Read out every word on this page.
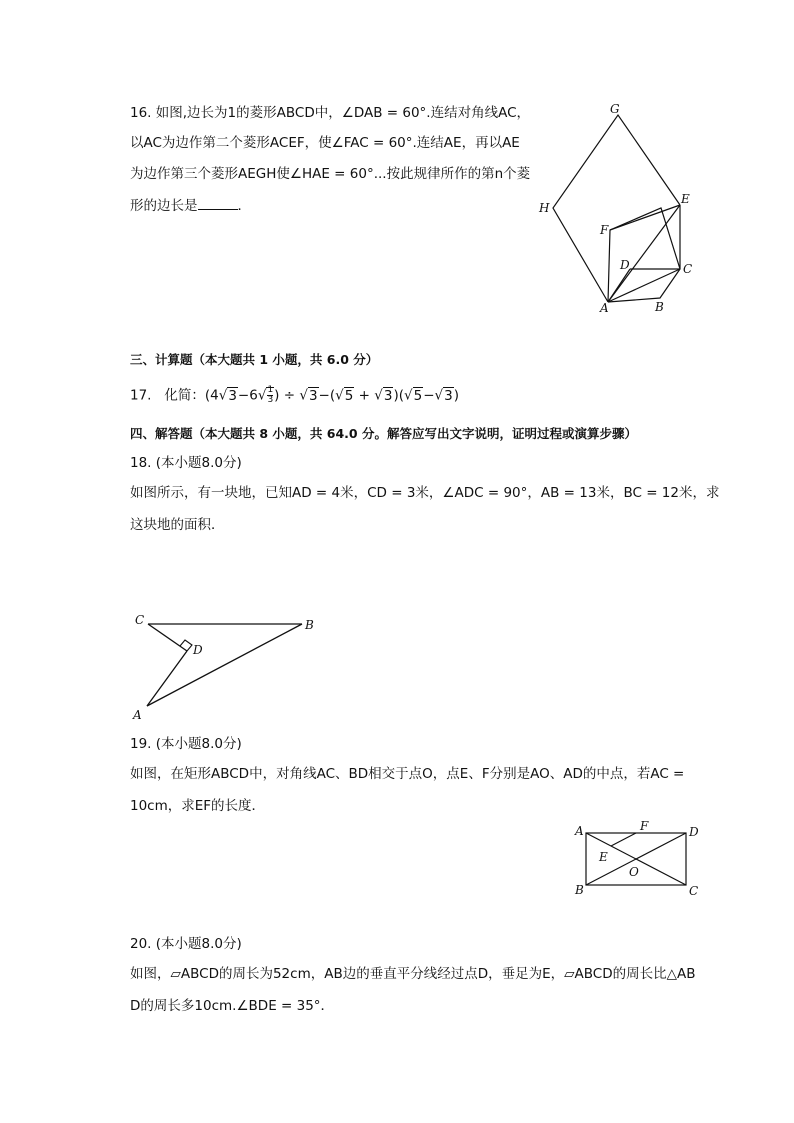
16. 如图,边长为1的菱形ABCD中，∠DAB = 60°.连结对角线AC，
以AC为边作第二个菱形ACEF，使∠FAC = 60°.连结AE，再以AE
为边作第三个菱形AEGH使∠HAE = 60°...按此规律所作的第n个菱
形的边长是	．
G
H
E
F
D	C
A	B
三、计算题（本大题共 1 小题，共 6.0 分）
17. 化简：($4√3-6√ \frac{1}{3}$ ) ÷ √3−(√5 + √3)(√5−√3)
四、解答题（本大题共 8 小题，共 64.0 分。解答应写出文字说明，证明过程或演算步骤）
18. (本小题8.0分)
如图所示，有一块地，已知AD = 4米，CD = 3米，∠ADC = 90°，AB = 13米，BC = 12米，求
这块地的面积．
C	B
D
A
19. (本小题8.0分)
如图，在矩形ABCD中，对角线AC、BD相交于点O，点E、F分别是AO、AD的中点，若AC =
10cm，求EF的长度．
A	F	D
E
O
B	C
20. (本小题8.0分)
如图，▱ABCD的周长为52cm，AB边的垂直平分线经过点D，垂足为E，▱ABCD的周长比△AB
D的周长多10cm.∠BDE = 35°．
